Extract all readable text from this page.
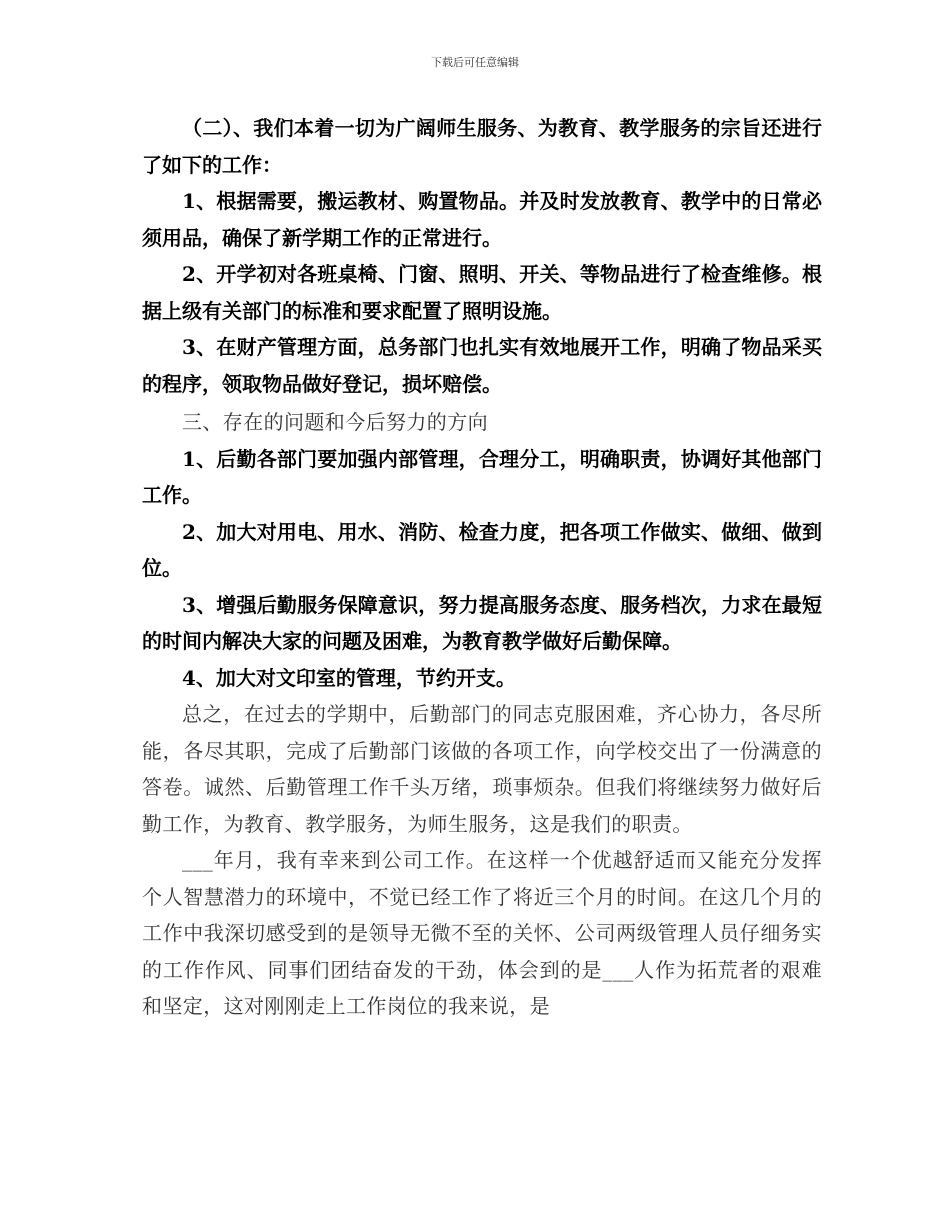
下载后可任意编辑

（二）、我们本着一切为广阔师生服务、为教育、教学服务的宗旨还进行了如下的工作：

1、根据需要，搬运教材、购置物品。并及时发放教育、教学中的日常必须用品，确保了新学期工作的正常进行。

2、开学初对各班桌椅、门窗、照明、开关、等物品进行了检查维修。根据上级有关部门的标准和要求配置了照明设施。

3、在财产管理方面，总务部门也扎实有效地展开工作，明确了物品采买的程序，领取物品做好登记，损坏赔偿。

三、存在的问题和今后努力的方向

1、后勤各部门要加强内部管理，合理分工，明确职责，协调好其他部门工作。

2、加大对用电、用水、消防、检查力度，把各项工作做实、做细、做到位。

3、增强后勤服务保障意识，努力提高服务态度、服务档次，力求在最短的时间内解决大家的问题及困难，为教育教学做好后勤保障。

4、加大对文印室的管理，节约开支。

总之，在过去的学期中，后勤部门的同志克服困难，齐心协力，各尽所能，各尽其职，完成了后勤部门该做的各项工作，向学校交出了一份满意的答卷。诚然、后勤管理工作千头万绪，琐事烦杂。但我们将继续努力做好后勤工作，为教育、教学服务，为师生服务，这是我们的职责。

___年月，我有幸来到公司工作。在这样一个优越舒适而又能充分发挥个人智慧潜力的环境中，不觉已经工作了将近三个月的时间。在这几个月的工作中我深切感受到的是领导无微不至的关怀、公司两级管理人员仔细务实的工作作风、同事们团结奋发的干劲，体会到的是___人作为拓荒者的艰难和坚定，这对刚刚走上工作岗位的我来说，是
